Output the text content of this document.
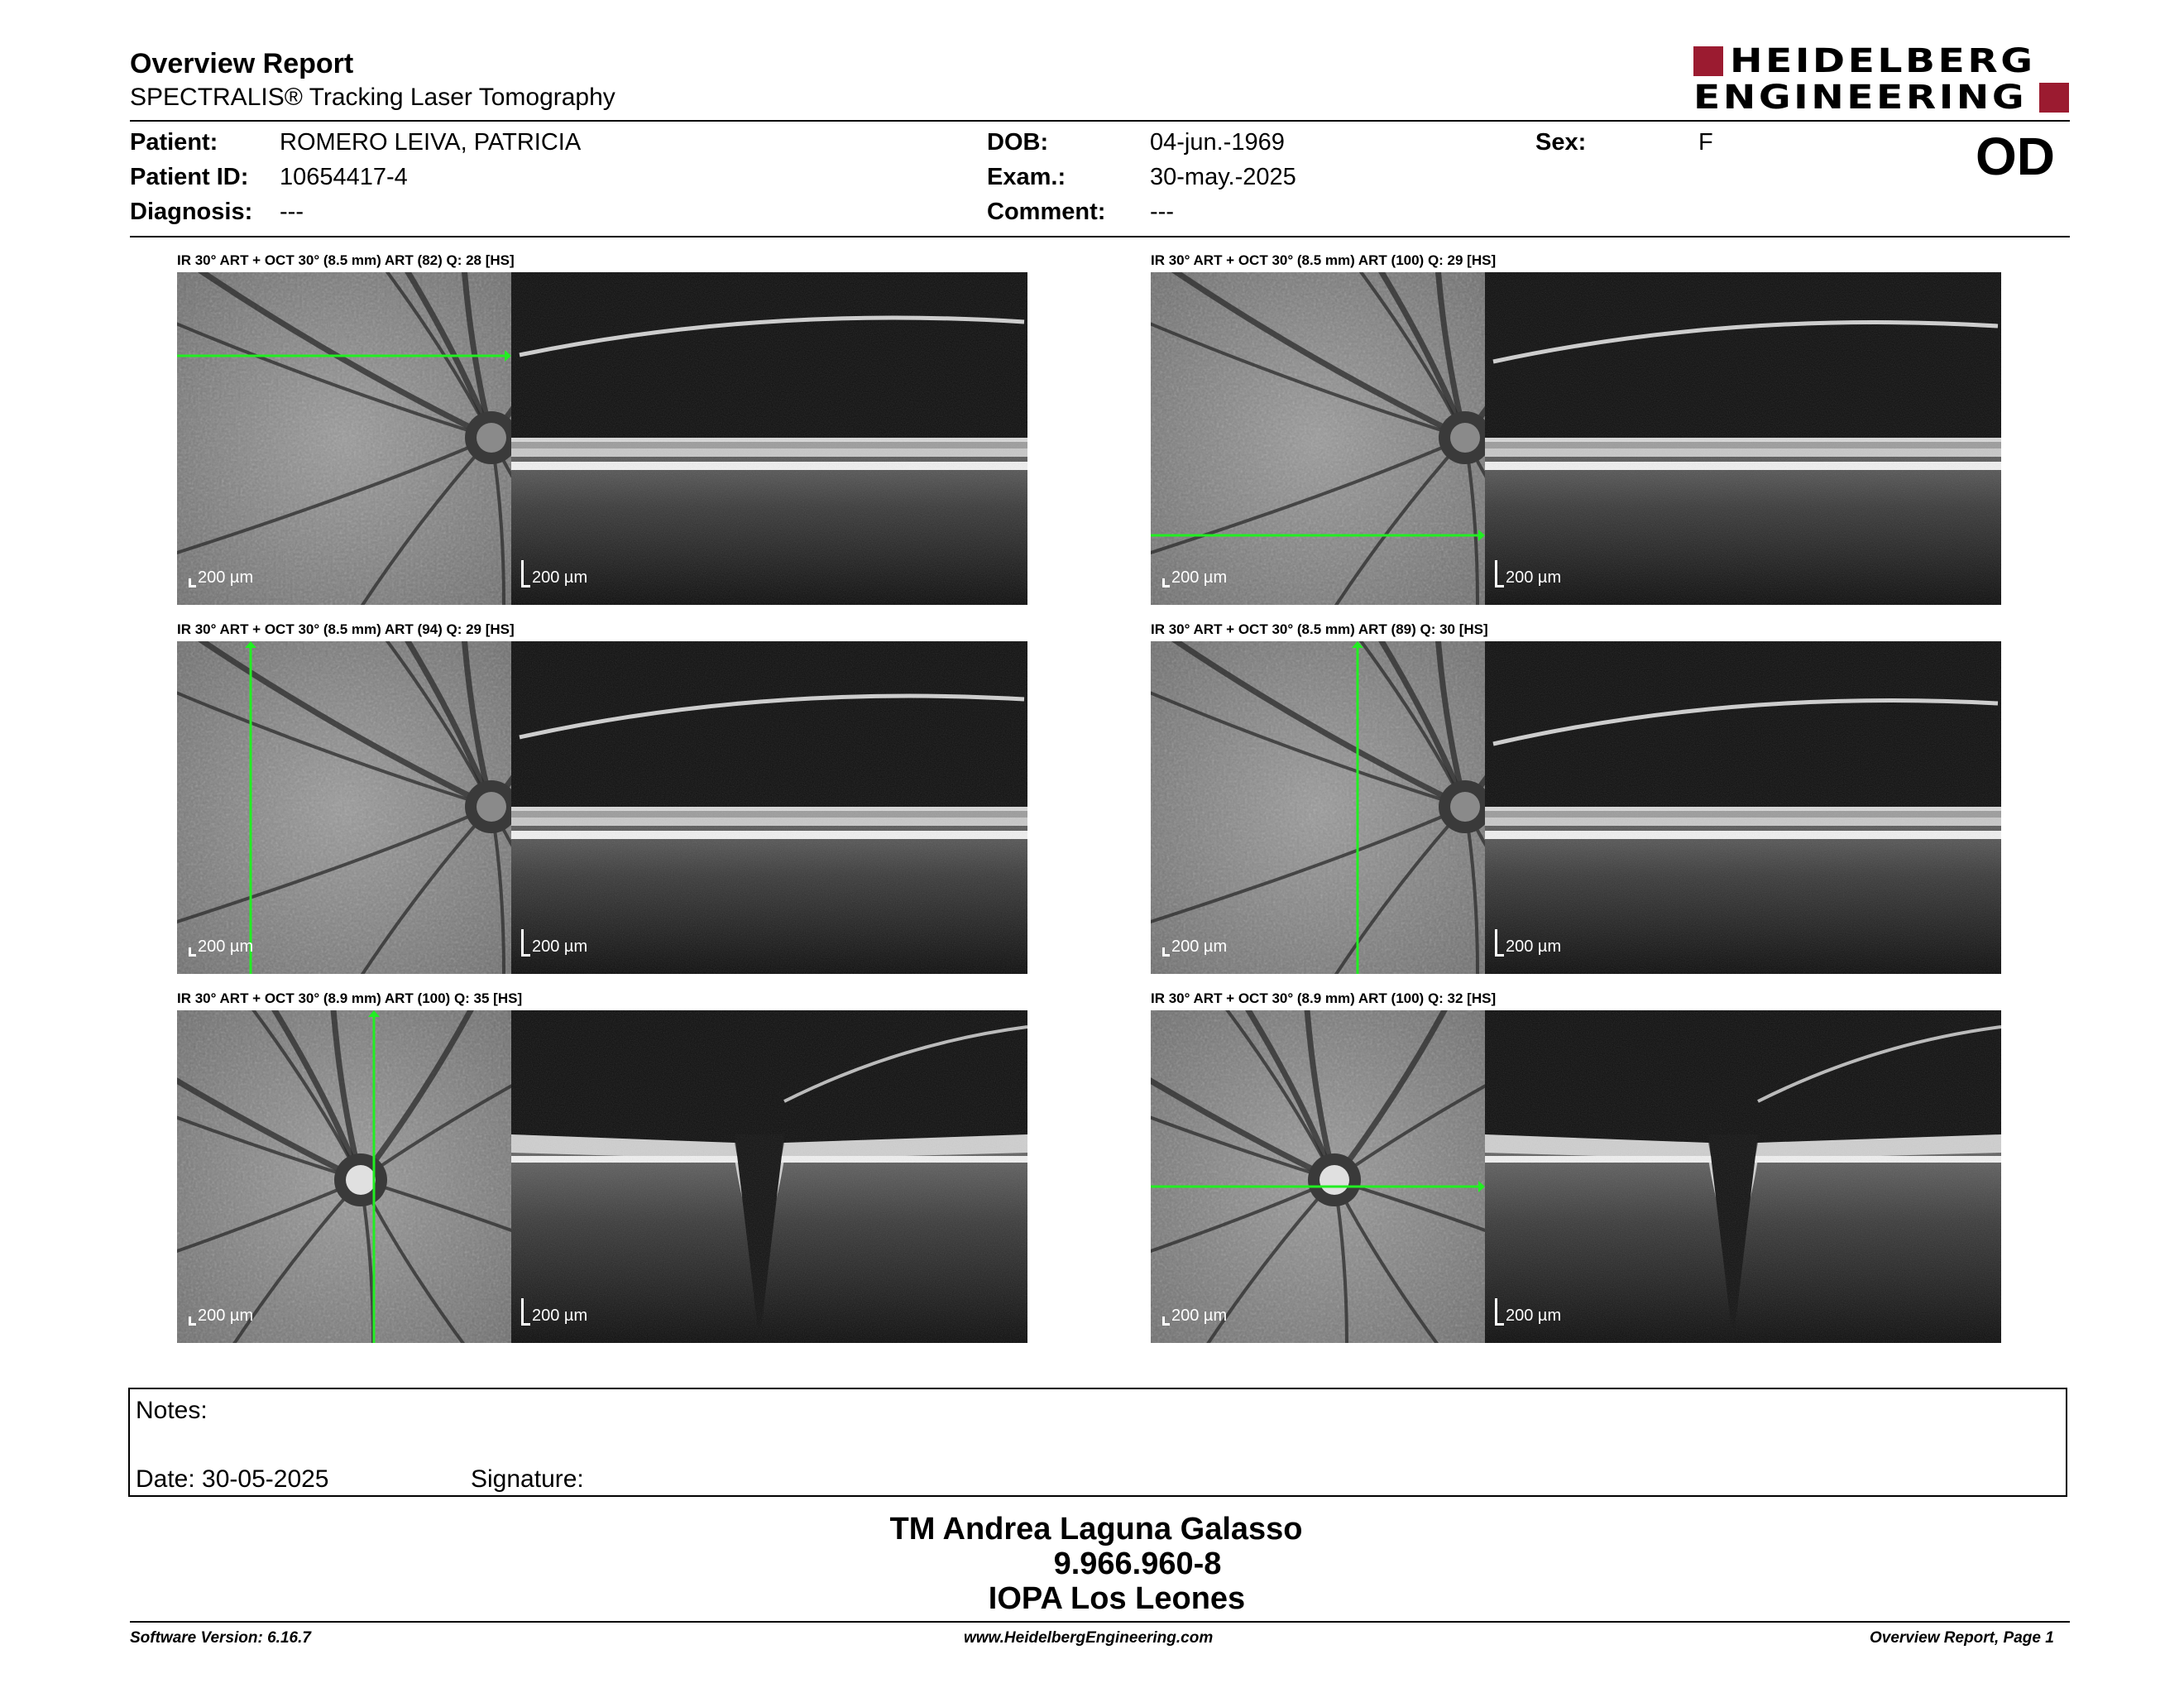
Overview Report
SPECTRALIS® Tracking Laser Tomography
HEIDELBERG
ENGINEERING
Patient:	ROMERO LEIVA, PATRICIA
Patient ID: 10654417-4
Diagnosis: ---
DOB:	04-jun.-1969
Exam.:	30-may.-2025
Comment: ---
Sex:	F	OD
IR 30° ART + OCT 30° (8.5 mm) ART (82) Q: 28 [HS]
200 µm	200 µm
IR 30° ART + OCT 30° (8.5 mm) ART (100) Q: 29 [HS]
200 µm	200 µm
IR 30° ART + OCT 30° (8.5 mm) ART (94) Q: 29 [HS]
200 µm	200 µm
IR 30° ART + OCT 30° (8.5 mm) ART (89) Q: 30 [HS]
200 µm	200 µm
IR 30° ART + OCT 30° (8.9 mm) ART (100) Q: 35 [HS]
200 µm	200 µm
IR 30° ART + OCT 30° (8.9 mm) ART (100) Q: 32 [HS]
200 µm	200 µm
Notes:
Date: 30-05-2025	Signature:
TM Andrea Laguna Galasso
9.966.960-8
IOPA Los Leones
Software Version: 6.16.7	www.HeidelbergEngineering.com	Overview Report, Page 1
